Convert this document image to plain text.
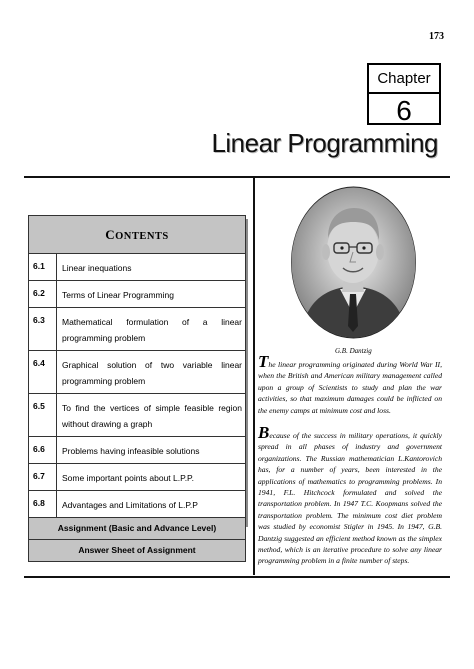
173
Chapter
6
Linear Programming
CONTENTS
6.1	Linear inequations
6.2	Terms of Linear Programming
6.3	Mathematical formulation of a linear programming problem
6.4	Graphical solution of two variable linear programming problem
6.5	To find the vertices of simple feasible region without drawing a graph
6.6	Problems having infeasible solutions
6.7	Some important points about L.P.P.
6.8	Advantages and Limitations of L.P.P
Assignment (Basic and Advance Level)
Answer Sheet of Assignment
G.B. Dantzig
The linear programming originated during World War II, when the British and American military management called upon a group of Scientists to study and plan the war activities, so that maximum damages could be inflicted on the enemy camps at minimum cost and loss.
Because of the success in military operations, it quickly spread in all phases of industry and government organizations. The Russian mathematician L.Kantorovich has, for a number of years, been interested in the applications of mathematics to programming problems. In 1941, F.L. Hitchcock formulated and solved the transportation problem. In 1947 T.C. Koopmans solved the transportation problem. The minimum cost diet problem was studied by economist Stigler in 1945. In 1947, G.B. Dantzig suggested an efficient method known as the simplex method, which is an iterative procedure to solve any linear programming problem in a finite number of steps.
